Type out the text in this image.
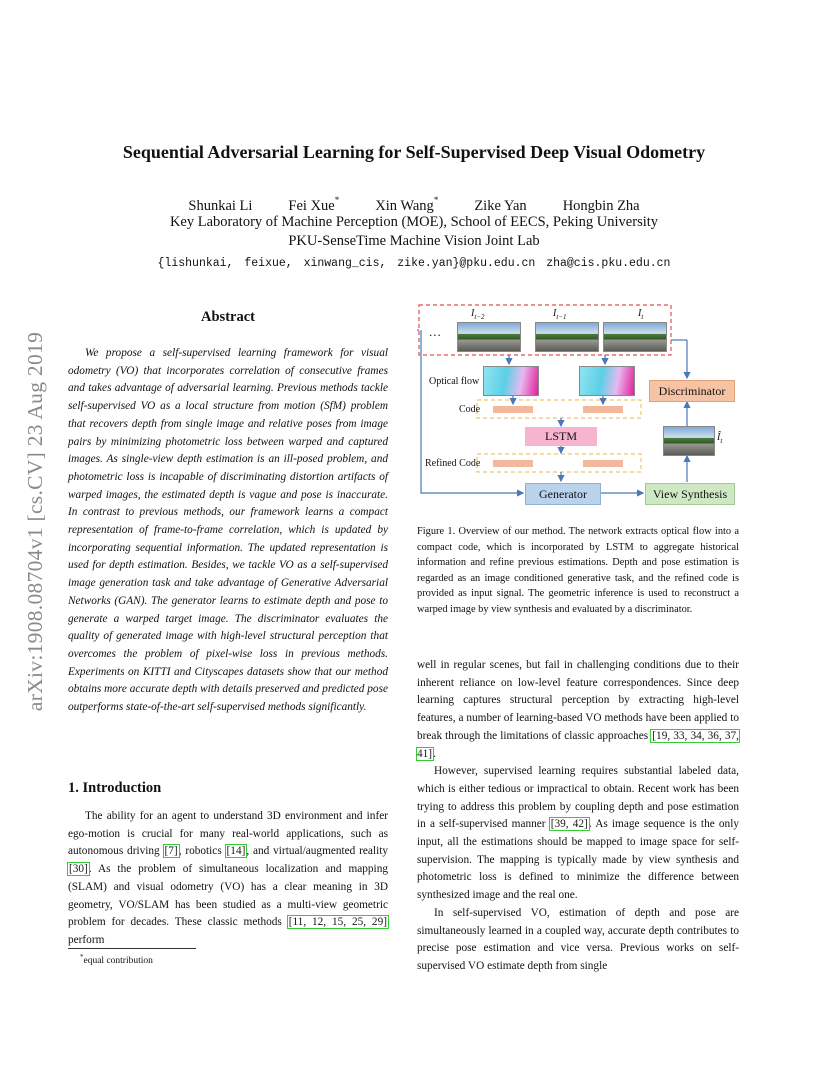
arXiv:1908.08704v1 [cs.CV] 23 Aug 2019
Sequential Adversarial Learning for Self-Supervised Deep Visual Odometry
Shunkai Li Fei Xue* Xin Wang* Zike Yan Hongbin Zha
Key Laboratory of Machine Perception (MOE), School of EECS, Peking University
PKU-SenseTime Machine Vision Joint Lab
{lishunkai, feixue, xinwang_cis, zike.yan}@pku.edu.cn zha@cis.pku.edu.cn
Abstract
We propose a self-supervised learning framework for visual odometry (VO) that incorporates correlation of consecutive frames and takes advantage of adversarial learning. Previous methods tackle self-supervised VO as a local structure from motion (SfM) problem that recovers depth from single image and relative poses from image pairs by minimizing photometric loss between warped and captured images. As single-view depth estimation is an ill-posed problem, and photometric loss is incapable of discriminating distortion artifacts of warped images, the estimated depth is vague and pose is inaccurate. In contrast to previous methods, our framework learns a compact representation of frame-to-frame correlation, which is updated by incorporating sequential information. The updated representation is used for depth estimation. Besides, we tackle VO as a self-supervised image generation task and take advantage of Generative Adversarial Networks (GAN). The generator learns to estimate depth and pose to generate a warped target image. The discriminator evaluates the quality of generated image with high-level structural perception that overcomes the problem of pixel-wise loss in previous methods. Experiments on KITTI and Cityscapes datasets show that our method obtains more accurate depth with details preserved and predicted pose outperforms state-of-the-art self-supervised methods significantly.
1. Introduction
The ability for an agent to understand 3D environment and infer ego-motion is crucial for many real-world applications, such as autonomous driving [7], robotics [14], and virtual/augmented reality [30]. As the problem of simultaneous localization and mapping (SLAM) and visual odometry (VO) has a clear meaning in 3D geometry, VO/SLAM has been studied as a multi-view geometric problem for decades. These classic methods [11, 12, 15, 25, 29] perform
*equal contribution
$I_{t-2}$	$I_{t-1}$	$I_t$
...
Optical flow
Code
LSTM
Refined Code
Generator	View Synthesis
Discriminator
$Î_t$
Figure 1. Overview of our method. The network extracts optical flow into a compact code, which is incorporated by LSTM to aggregate historical information and refine previous estimations. Depth and pose estimation is regarded as an image conditioned generative task, and the refined code is provided as input signal. The geometric inference is used to reconstruct a warped image by view synthesis and evaluated by a discriminator.

well in regular scenes, but fail in challenging conditions due to their inherent reliance on low-level feature correspondences. Since deep learning captures structural perception by extracting high-level features, a number of learning-based VO methods have been applied to break through the limitations of classic approaches [19, 33, 34, 36, 37, 41].

However, supervised learning requires substantial labeled data, which is either tedious or impractical to obtain. Recent work has been trying to address this problem by coupling depth and pose estimation in a self-supervised manner [39, 42]. As image sequence is the only input, all the estimations should be mapped to image space for self-supervision. The mapping is typically made by view synthesis and photometric loss is defined to minimize the difference between synthesized image and the real one.

In self-supervised VO, estimation of depth and pose are simultaneously learned in a coupled way, accurate depth contributes to precise pose estimation and vice versa. Previous works on self-supervised VO estimate depth from single
